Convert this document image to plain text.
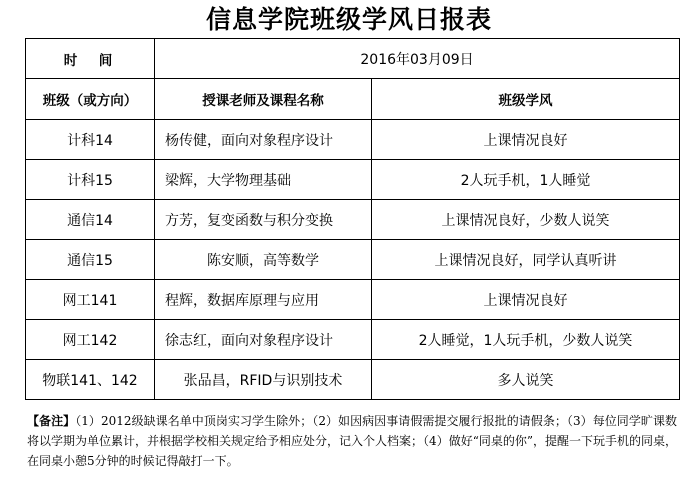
信息学院班级学风日报表
时　间	2016年03月09日	
班级（或方向）	授课老师及课程名称	班级学风
计科14	杨传健，面向对象程序设计	上课情况良好
计科15	梁辉，大学物理基础	2人玩手机，1人睡觉
通信14	方芳，复变函数与积分变换	上课情况良好，少数人说笑
通信15	陈安顺，高等数学	上课情况良好，同学认真听讲
网工141	程辉，数据库原理与应用	上课情况良好
网工142	徐志红，面向对象程序设计	2人睡觉，1人玩手机，少数人说笑
物联141、142	张品昌，RFID与识别技术	多人说笑
【备注】（1）2012级缺课名单中顶岗实习学生除外；（2）如因病因事请假需提交履行报批的请假条；（3）每位同学旷课数将以学期为单位累计，并根据学校相关规定给予相应处分，记入个人档案；（4）做好“同桌的你”，提醒一下玩手机的同桌，在同桌小憩5分钟的时候记得敲打一下。
